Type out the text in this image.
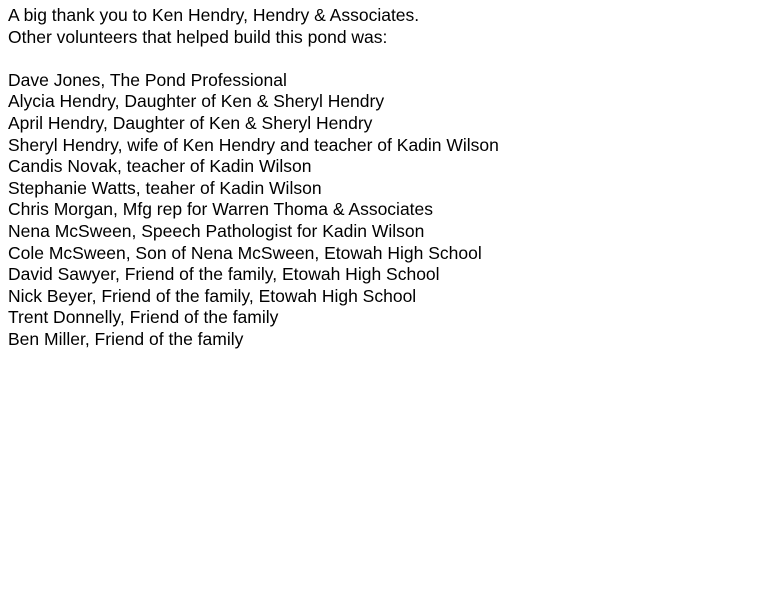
A big thank you to Ken Hendry, Hendry & Associates.

Other volunteers that helped build this pond was:

Dave Jones, The Pond Professional

Alycia Hendry, Daughter of Ken & Sheryl Hendry

April Hendry, Daughter of Ken & Sheryl Hendry

Sheryl Hendry, wife of Ken Hendry and teacher of Kadin Wilson

Candis Novak, teacher of Kadin Wilson

Stephanie Watts, teaher of Kadin Wilson

Chris Morgan, Mfg rep for Warren Thoma & Associates

Nena McSween, Speech Pathologist for Kadin Wilson

Cole McSween, Son of Nena McSween, Etowah High School

David Sawyer, Friend of the family, Etowah High School

Nick Beyer, Friend of the family, Etowah High School

Trent Donnelly, Friend of the family

Ben Miller, Friend of the family
